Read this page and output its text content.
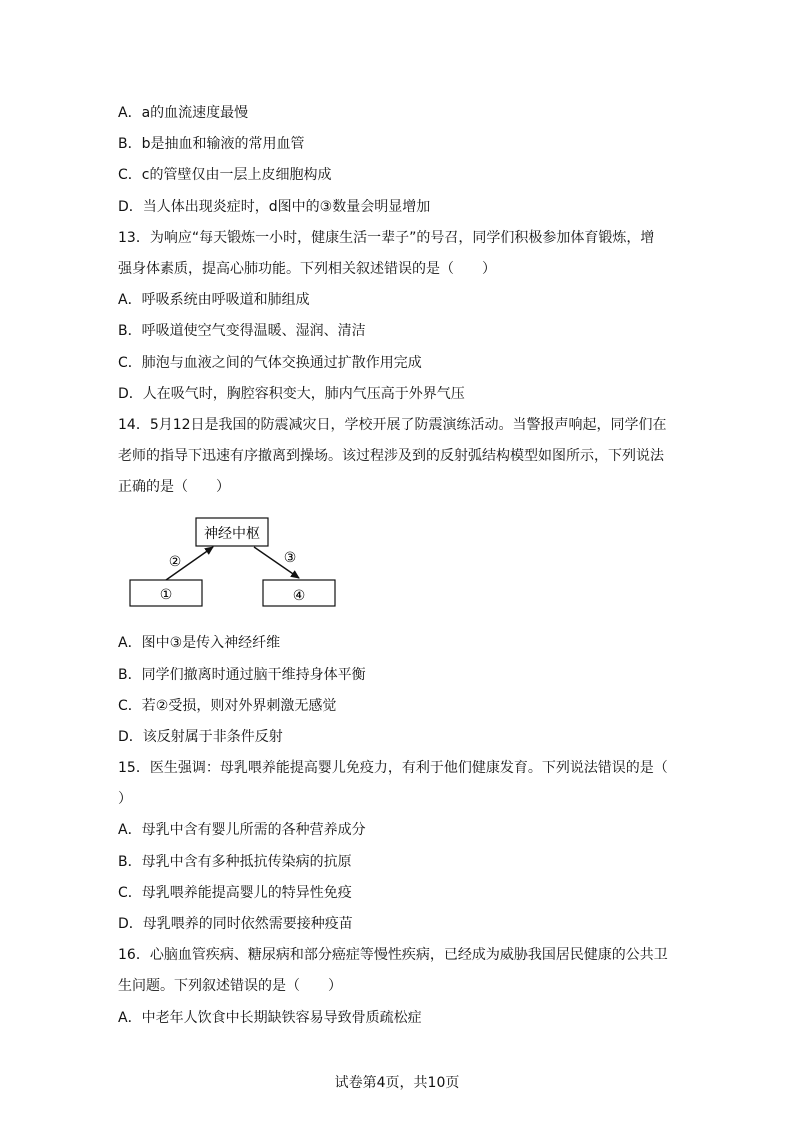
A．a的血流速度最慢
B．b是抽血和输液的常用血管
C．c的管壁仅由一层上皮细胞构成
D．当人体出现炎症时，d图中的③数量会明显增加
13．为响应“每天锻炼一小时，健康生活一辈子”的号召，同学们积极参加体育锻炼，增
强身体素质，提高心肺功能。下列相关叙述错误的是（　　）
A．呼吸系统由呼吸道和肺组成
B．呼吸道使空气变得温暖、湿润、清洁
C．肺泡与血液之间的气体交换通过扩散作用完成
D．人在吸气时，胸腔容积变大，肺内气压高于外界气压
14．5月12日是我国的防震减灾日，学校开展了防震演练活动。当警报声响起，同学们在
老师的指导下迅速有序撤离到操场。该过程涉及到的反射弧结构模型如图所示，下列说法
正确的是（　　）
神经中枢
①	④
②	③
A．图中③是传入神经纤维
B．同学们撤离时通过脑干维持身体平衡
C．若②受损，则对外界刺激无感觉
D．该反射属于非条件反射
15．医生强调：母乳喂养能提高婴儿免疫力，有利于他们健康发育。下列说法错误的是（
）
A．母乳中含有婴儿所需的各种营养成分
B．母乳中含有多种抵抗传染病的抗原
C．母乳喂养能提高婴儿的特异性免疫
D．母乳喂养的同时依然需要接种疫苗
16．心脑血管疾病、糖尿病和部分癌症等慢性疾病，已经成为威胁我国居民健康的公共卫
生问题。下列叙述错误的是（　　）
A．中老年人饮食中长期缺铁容易导致骨质疏松症
试卷第4页，共10页
